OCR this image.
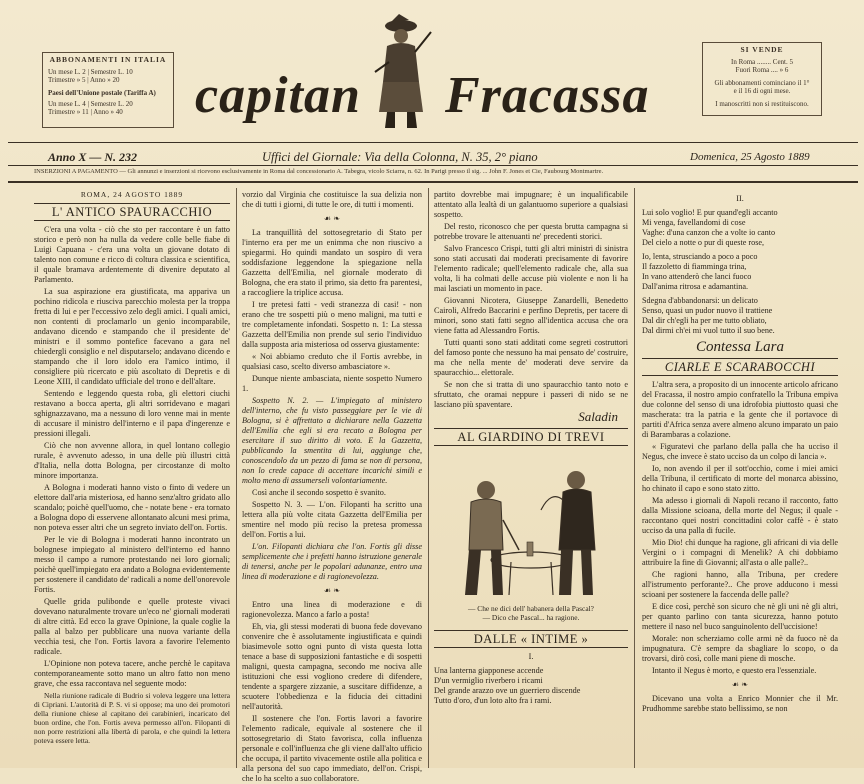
ABBONAMENTI IN ITALIA
Un mese L. 2 | Semestre L. 10
Trimestre » 5 | Anno » 20
Paesi dell'Unione postale (Tariffa A)
Un mese L. 4 | Semestre L. 20
Trimestre » 11 | Anno » 40	capitan Fracassa
SI VENDE
In Roma ........ Cent. 5
Fuori Roma .... » 6
Gli abbonamenti cominciano il 1°
e il 16 di ogni mese.
I manoscritti non si restituiscono.
Anno X — N. 232	Uffici del Giornale: Via della Colonna, N. 35, 2° piano	Domenica, 25 Agosto 1889
INSERZIONI A PAGAMENTO — Gli annunzi e inserzioni si ricevono esclusivamente in Roma dal concessionario A. Tabegra, vicolo Sciarra, n. 62. In Parigi presso il sig. ... John F. Jones et Cie, Faubourg Montmartre.
ROMA, 24 AGOSTO 1889
L' ANTICO SPAURACCHIO

C'era una volta - ciò che sto per raccontare è un fatto storico e però non ha nulla da vedere colle belle fiabe di Luigi Capuana - c'era una volta un giovane dotato di talento non comune e ricco di coltura classica e scientifica, il quale bramava ardentemente di divenire deputato al Parlamento.

La sua aspirazione era giustificata, ma appariva un pochino ridicola e riusciva parecchio molesta per la troppa fretta di lui e per l'eccessivo zelo degli amici. I quali amici, non contenti di proclamarlo un genio incomparabile, andavano dicendo e stampando che il presidente de' ministri e il sommo pontefice facevano a gara nel chiedergli consiglio e nel disputarselo; andavano dicendo e stampando che il loro idolo era l'amico intimo, il consigliere più ricercato e più ascoltato di Depretis e di Leone XIII, il candidato ufficiale del trono e dell'altare.

Sentendo e leggendo questa roba, gli elettori ciuchi restavano a bocca aperta, gli altri sorridevano e magari sghignazzavano, ma a nessuno di loro venne mai in mente di accusare il ministro dell'interno e il papa d'ingerenze e pressioni illegali.

Ciò che non avvenne allora, in quel lontano collegio rurale, è avvenuto adesso, in una delle più illustri città d'Italia, nella dotta Bologna, per circostanze di molto minore importanza.

A Bologna i moderati hanno visto o finto di vedere un elettore dall'aria misteriosa, ed hanno senz'altro gridato allo scandalo; poichè quell'uomo, che - notate bene - era tornato a Bologna dopo di esservene allontanato alcuni mesi prima, non poteva esser altri che un segreto inviato dell'on. Fortis.

Per le vie di Bologna i moderati hanno incontrato un bolognese impiegato al ministero dell'interno ed hanno messo il campo a rumore protestando nei loro giornali; poichè quell'impiegato era andato a Bologna evidentemente per sostenere il candidato de' radicali a nome dell'onorevole Fortis.

Quelle grida pulibonde e quelle proteste vivaci dovevano naturalmente trovare un'eco ne' giornali moderati di altre città. Ed ecco la grave Opinione, la quale coglie la palla al balzo per pubblicare una nuova variante della vecchia tesi, che l'on. Fortis lavora a favorire l'elemento radicale.

L'Opinione non poteva tacere, anche perchè le capitava contemporaneamente sotto mano un altro fatto non meno grave, che essa raccontava nel seguente modo:

Nella riunione radicale di Budrio si voleva leggere una lettera di Cipriani. L'autorità di P. S. vi si oppose; ma uno dei promotori della riunione chiese al capitano dei carabinieri, incaricato del buon ordine, che l'on. Fortis aveva permesso all'on. Filopanti di non porre restrizioni alla libertà di parola, e che quindi la lettera poteva essere letta.

vorzio dal Virginia che costituisce la sua delizia non che di tutti i giorni, di tutte le ore, di tutti i momenti.

☙ ❧

La tranquillità del sottosegretario di Stato per l'interno era per me un enimma che non riuscivo a spiegarmi. Ho quindi mandato un sospiro di vera soddisfazione leggendone la spiegazione nella Gazzetta dell'Emilia, nel giornale moderato di Bologna, che era stato il primo, sia detto fra parentesi, a raccogliere la triplice accusa.

I tre pretesi fatti - vedi stranezza di casi! - non erano che tre sospetti più o meno maligni, ma tutti e tre completamente infondati. Sospetto n. 1: La stessa Gazzetta dell'Emilia non prende sul serio l'individuo dalla supposta aria misteriosa od osserva giustamente:

« Noi abbiamo creduto che il Fortis avrebbe, in qualsiasi caso, scelto diverso ambasciatore ».

Dunque niente ambasciata, niente sospetto Numero 1.

Sospetto N. 2. — L'impiegato al ministero dell'interno, che fu visto passeggiare per le vie di Bologna, si è affrettato a dichiarare nella Gazzetta dell'Emilia che egli si era recato a Bologna per esercitare il suo diritto di voto. E la Gazzetta, pubblicando la smentita di lui, aggiunge che, conoscendolo da un pezzo di fama se non di persona, non lo crede capace di accettare incarichi simili e molto meno di assumerseli volontariamente.

Così anche il secondo sospetto è svanito.

Sospetto N. 3. — L'on. Filopanti ha scritto una lettera alla più volte citata Gazzetta dell'Emilia per smentire nel modo più reciso la pretesa promessa dell'on. Fortis a lui.

L'on. Filopanti dichiara che l'on. Fortis gli disse semplicemente che i prefetti hanno istruzione generale di tenersi, anche per le popolari adunanze, entro una linea di moderazione e di ragionevolezza.

☙ ❧

Entro una linea di moderazione e di ragionevolezza. Manco a farlo a posta!

Eh, via, gli stessi moderati di buona fede dovevano convenire che è assolutamente ingiustificata e quindi biasimevole sotto ogni punto di vista questa lotta tenace a base di supposizioni fantastiche e di sospetti maligni, questa campagna, secondo me nociva alle istituzioni che essi vogliono credere di difendere, tendente a spargere zizzanie, a suscitare diffidenze, a scuotere l'obbedienza e la fiducia dei cittadini nell'autorità.

Il sostenere che l'on. Fortis lavori a favorire l'elemento radicale, equivale al sostenere che il sottosegretario di Stato favorisca, colla influenza personale e coll'influenza che gli viene dall'alto ufficio che occupa, il partito vivacemente ostile alla politica e alla persona del suo capo immediato, dell'on. Crispi, che lo ha scelto a suo collaboratore.

partito dovrebbe mai impugnare; è un inqualificabile attentato alla lealtà di un galantuomo superiore a qualsiasi sospetto.

Del resto, riconosco che per questa brutta campagna si potrebbe trovare le attenuanti ne' precedenti storici.

Salvo Francesco Crispi, tutti gli altri ministri di sinistra sono stati accusati dai moderati precisamente di favorire l'elemento radicale; quell'elemento radicale che, alla sua volta, li ha colmati delle accuse più violente e non li ha mai lasciati un momento in pace.

Giovanni Nicotera, Giuseppe Zanardelli, Benedetto Cairoli, Alfredo Baccarini e perfino Depretis, per tacere di minori, sono stati fatti segno all'identica accusa che ora viene fatta ad Alessandro Fortis.

Tutti quanti sono stati additati come segreti costruttori del famoso ponte che nessuno ha mai pensato de' costruire, ma che nella mente de' moderati deve servire da spauracchio... elettorale.

Se non che si tratta di uno spauracchio tanto noto e sfruttato, che oramai neppure i passeri di nido se ne lasciano più spaventare.

Saladin
AL GIARDINO DI TREVI
— Che ne dici dell' habanera della Pascal?
— Dico che Pascal... ha ragione.
DALLE « INTIME »
I.
Una lanterna giapponese accende
D'un vermiglio riverbero i ricami
Del grande arazzo ove un guerriero discende
Tutto d'oro, d'un loto alto fra i rami.
II.
Lui solo voglio! E pur quand'egli accanto
Mi venga, favellandomi di cose
Vaghe: d'una canzon che a volte io canto
Del cielo a notte o pur di queste rose,
Io, lenta, strusciando a poco a poco
Il fazzoletto di fiamminga trina,
In vano attenderò che lanci fuoco
Dall'anima ritrosa e adamantina.
Sdegna d'abbandonarsi: un delicato
Senso, quasi un pudor nuovo il trattiene
Dal dir ch'egli ha per me tutto obliato,
Dal dirmi ch'ei mi vuol tutto il suo bene.
Contessa Lara
CIARLE E SCARABOCCHI

L'altra sera, a proposito di un innocente articolo africano del Fracassa, il nostro ampio confratello la Tribuna empiva due colonne del senso di una idrofobia piuttosto quasi che mascherata: tra la patria e la gente che il portavoce di partiti d'Africa senza avere almeno alcuno imparato un paio di Barambaras a colazione.

« Figuratevi che parlano della palla che ha ucciso il Negus, che invece è stato ucciso da un colpo di lancia ».

Io, non avendo il per il sott'occhio, come i miei amici della Tribuna, il certificato di morte del monarca abissino, ho chinato il capo e sono stato zitto.

Ma adesso i giornali di Napoli recano il racconto, fatto dalla Missione scioana, della morte del Negus; il quale - raccontano quei nostri concittadini color caffè - è stato ucciso da una palla di fucile.

Mio Dio! chi dunque ha ragione, gli africani di via delle Vergini o i compagni di Menelik? A chi dobbiamo attribuire la fine di Giovanni; all'asta o alle palle?..

Che ragioni hanno, alla Tribuna, per credere all'istrumento perforante?.. Che prove adducono i messi scioani per sostenere la faccenda delle palle?

E dice così, perchè son sicuro che nè gli uni nè gli altri, per quanto parlino con tanta sicurezza, hanno potuto mettere il naso nel buco sanguinolento dell'uccisione!

Morale: non scherziamo colle armi nè da fuoco nè da impugnatura. C'è sempre da sbagliare lo scopo, o da trovarsi, dirò così, colle mani piene di mosche.

Intanto il Negus è morto, e questo era l'essenziale.

☙ ❧

Dicevano una volta a Enrico Monnier che il Mr. Prudhomme sarebbe stato bellissimo, se non
